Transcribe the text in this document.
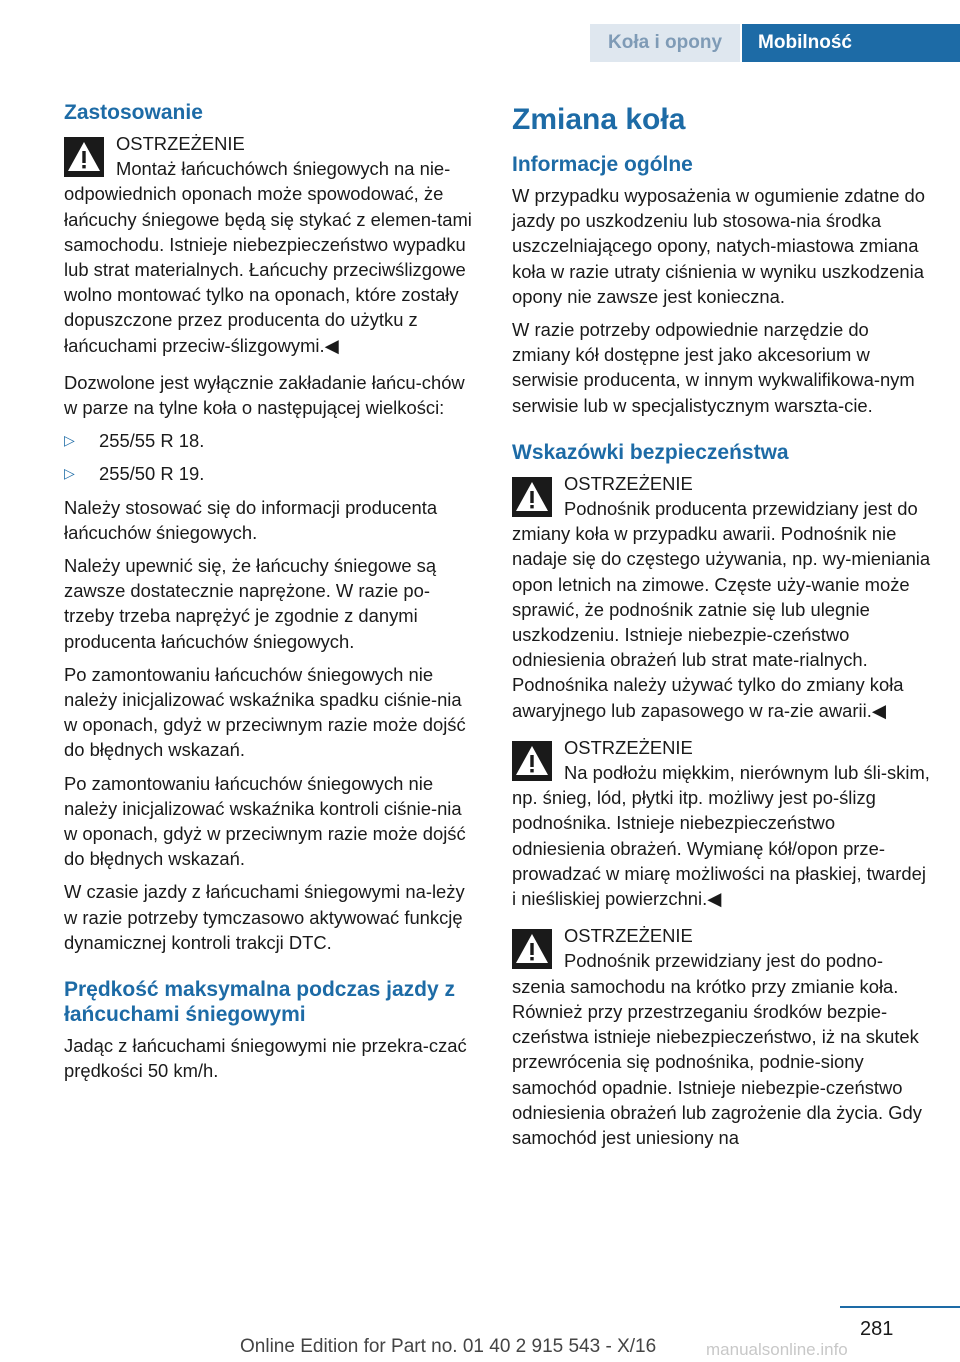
Koła i opony	Mobilność
Zastosowanie
OSTRZEŻENIE
Montaż łańcuchówch śniegowych na nie-odpowiednich oponach może spowodować, że łańcuchy śniegowe będą się stykać z elemen-tami samochodu. Istnieje niebezpieczeństwo wypadku lub strat materialnych. Łańcuchy przeciwślizgowe wolno montować tylko na oponach, które zostały dopuszczone przez producenta do użytku z łańcuchami przeciw-ślizgowymi.◀

Dozwolone jest wyłącznie zakładanie łańcu-chów w parze na tylne koła o następującej wielkości:

▷ 255/55 R 18.
▷ 255/50 R 19.

Należy stosować się do informacji producenta łańcuchów śniegowych.

Należy upewnić się, że łańcuchy śniegowe są zawsze dostatecznie naprężone. W razie po-trzeby trzeba naprężyć je zgodnie z danymi producenta łańcuchów śniegowych.

Po zamontowaniu łańcuchów śniegowych nie należy inicjalizować wskaźnika spadku ciśnie-nia w oponach, gdyż w przeciwnym razie może dojść do błędnych wskazań.

Po zamontowaniu łańcuchów śniegowych nie należy inicjalizować wskaźnika kontroli ciśnie-nia w oponach, gdyż w przeciwnym razie może dojść do błędnych wskazań.

W czasie jazdy z łańcuchami śniegowymi na-leży w razie potrzeby tymczasowo aktywować funkcję dynamicznej kontroli trakcji DTC.

Prędkość maksymalna podczas jazdy z łańcuchami śniegowymi

Jadąc z łańcuchami śniegowymi nie przekra-czać prędkości 50 km/h.

Zmiana koła
Informacje ogólne

W przypadku wyposażenia w ogumienie zdatne do jazdy po uszkodzeniu lub stosowa-nia środka uszczelniającego opony, natych-miastowa zmiana koła w razie utraty ciśnienia w wyniku uszkodzenia opony nie zawsze jest konieczna.

W razie potrzeby odpowiednie narzędzie do zmiany kół dostępne jest jako akcesorium w serwisie producenta, w innym wykwalifikowa-nym serwisie lub w specjalistycznym warszta-cie.

Wskazówki bezpieczeństwa
OSTRZEŻENIE
Podnośnik producenta przewidziany jest do zmiany koła w przypadku awarii. Podnośnik nie nadaje się do częstego używania, np. wy-mieniania opon letnich na zimowe. Częste uży-wanie może sprawić, że podnośnik zatnie się lub ulegnie uszkodzeniu. Istnieje niebezpie-czeństwo odniesienia obrażeń lub strat mate-rialnych. Podnośnika należy używać tylko do zmiany koła awaryjnego lub zapasowego w ra-zie awarii.◀
OSTRZEŻENIE
Na podłożu miękkim, nierównym lub śli-skim, np. śnieg, lód, płytki itp. możliwy jest po-ślizg podnośnika. Istnieje niebezpieczeństwo odniesienia obrażeń. Wymianę kół/opon prze-prowadzać w miarę możliwości na płaskiej, twardej i nieśliskiej powierzchni.◀
OSTRZEŻENIE
Podnośnik przewidziany jest do podno-szenia samochodu na krótko przy zmianie koła. Również przy przestrzeganiu środków bezpie-czeństwa istnieje niebezpieczeństwo, iż na skutek przewrócenia się podnośnika, podnie-siony samochód opadnie. Istnieje niebezpie-czeństwo odniesienia obrażeń lub zagrożenie dla życia. Gdy samochód jest uniesiony na
281
Online Edition for Part no. 01 40 2 915 543 - X/16	manualsonline.info
